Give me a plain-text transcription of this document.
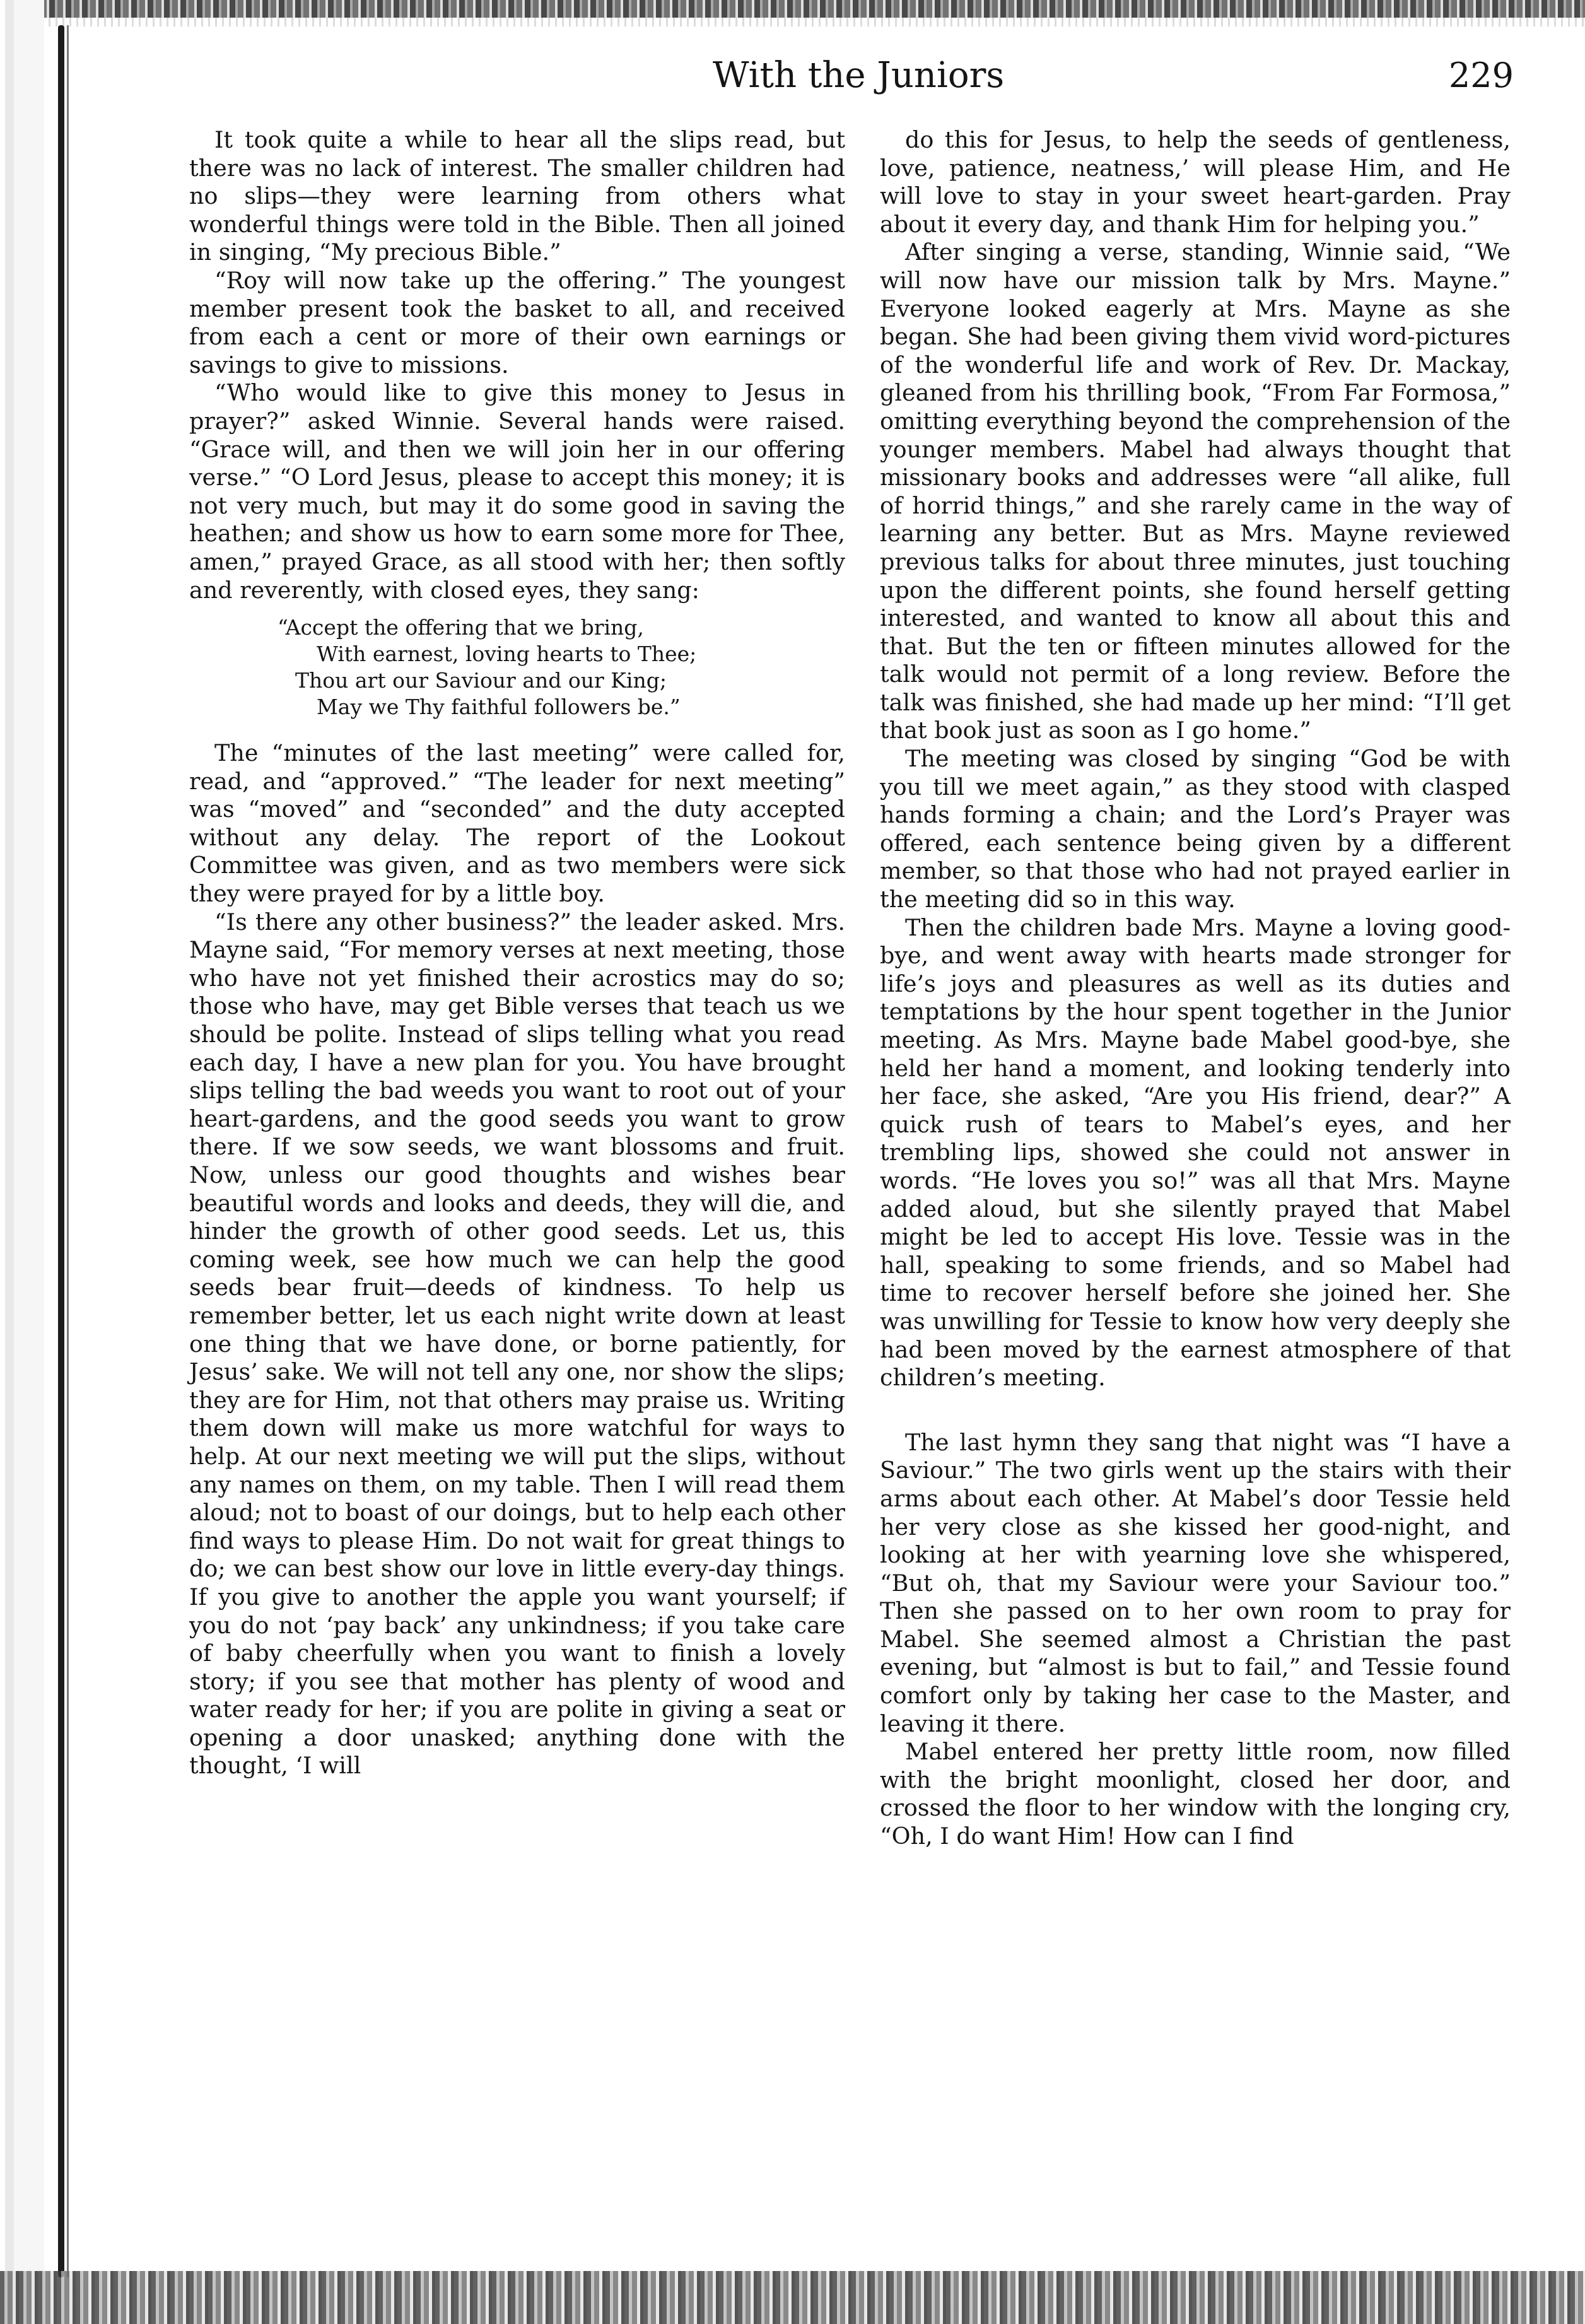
With the Juniors	229

It took quite a while to hear all the slips read, but there was no lack of interest. The smaller children had no slips—they were learning from others what wonderful things were told in the Bible. Then all joined in singing, “My precious Bible.”

“Roy will now take up the offering.” The youngest member present took the basket to all, and received from each a cent or more of their own earnings or savings to give to missions.

“Who would like to give this money to Jesus in prayer?” asked Winnie. Several hands were raised. “Grace will, and then we will join her in our offering verse.” “O Lord Jesus, please to accept this money; it is not very much, but may it do some good in saving the heathen; and show us how to earn some more for Thee, amen,” prayed Grace, as all stood with her; then softly and reverently, with closed eyes, they sang:

“Accept the offering that we bring,
With earnest, loving hearts to Thee;
Thou art our Saviour and our King;
May we Thy faithful followers be.”

The “minutes of the last meeting” were called for, read, and “approved.” “The leader for next meeting” was “moved” and “seconded” and the duty accepted without any delay. The report of the Lookout Committee was given, and as two members were sick they were prayed for by a little boy.

“Is there any other business?” the leader asked. Mrs. Mayne said, “For memory verses at next meeting, those who have not yet finished their acrostics may do so; those who have, may get Bible verses that teach us we should be polite. Instead of slips telling what you read each day, I have a new plan for you. You have brought slips telling the bad weeds you want to root out of your heart-gardens, and the good seeds you want to grow there. If we sow seeds, we want blossoms and fruit. Now, unless our good thoughts and wishes bear beautiful words and looks and deeds, they will die, and hinder the growth of other good seeds. Let us, this coming week, see how much we can help the good seeds bear fruit—deeds of kindness. To help us remember better, let us each night write down at least one thing that we have done, or borne patiently, for Jesus’ sake. We will not tell any one, nor show the slips; they are for Him, not that others may praise us. Writing them down will make us more watchful for ways to help. At our next meeting we will put the slips, without any names on them, on my table. Then I will read them aloud; not to boast of our doings, but to help each other find ways to please Him. Do not wait for great things to do; we can best show our love in little every-day things. If you give to another the apple you want yourself; if you do not ‘pay back’ any unkindness; if you take care of baby cheerfully when you want to finish a lovely story; if you see that mother has plenty of wood and water ready for her; if you are polite in giving a seat or opening a door unasked; anything done with the thought, ‘I will

do this for Jesus, to help the seeds of gentleness, love, patience, neatness,’ will please Him, and He will love to stay in your sweet heart-garden. Pray about it every day, and thank Him for helping you.”

After singing a verse, standing, Winnie said, “We will now have our mission talk by Mrs. Mayne.” Everyone looked eagerly at Mrs. Mayne as she began. She had been giving them vivid word-pictures of the wonderful life and work of Rev. Dr. Mackay, gleaned from his thrilling book, “From Far Formosa,” omitting everything beyond the comprehension of the younger members. Mabel had always thought that missionary books and addresses were “all alike, full of horrid things,” and she rarely came in the way of learning any better. But as Mrs. Mayne reviewed previous talks for about three minutes, just touching upon the different points, she found herself getting interested, and wanted to know all about this and that. But the ten or fifteen minutes allowed for the talk would not permit of a long review. Before the talk was finished, she had made up her mind: “I’ll get that book just as soon as I go home.”

The meeting was closed by singing “God be with you till we meet again,” as they stood with clasped hands forming a chain; and the Lord’s Prayer was offered, each sentence being given by a different member, so that those who had not prayed earlier in the meeting did so in this way.

Then the children bade Mrs. Mayne a loving good-bye, and went away with hearts made stronger for life’s joys and pleasures as well as its duties and temptations by the hour spent together in the Junior meeting. As Mrs. Mayne bade Mabel good-bye, she held her hand a moment, and looking tenderly into her face, she asked, “Are you His friend, dear?” A quick rush of tears to Mabel’s eyes, and her trembling lips, showed she could not answer in words. “He loves you so!” was all that Mrs. Mayne added aloud, but she silently prayed that Mabel might be led to accept His love. Tessie was in the hall, speaking to some friends, and so Mabel had time to recover herself before she joined her. She was unwilling for Tessie to know how very deeply she had been moved by the earnest atmosphere of that children’s meeting.

The last hymn they sang that night was “I have a Saviour.” The two girls went up the stairs with their arms about each other. At Mabel’s door Tessie held her very close as she kissed her good-night, and looking at her with yearning love she whispered, “But oh, that my Saviour were your Saviour too.” Then she passed on to her own room to pray for Mabel. She seemed almost a Christian the past evening, but “almost is but to fail,” and Tessie found comfort only by taking her case to the Master, and leaving it there.

Mabel entered her pretty little room, now filled with the bright moonlight, closed her door, and crossed the floor to her window with the longing cry, “Oh, I do want Him! How can I find
